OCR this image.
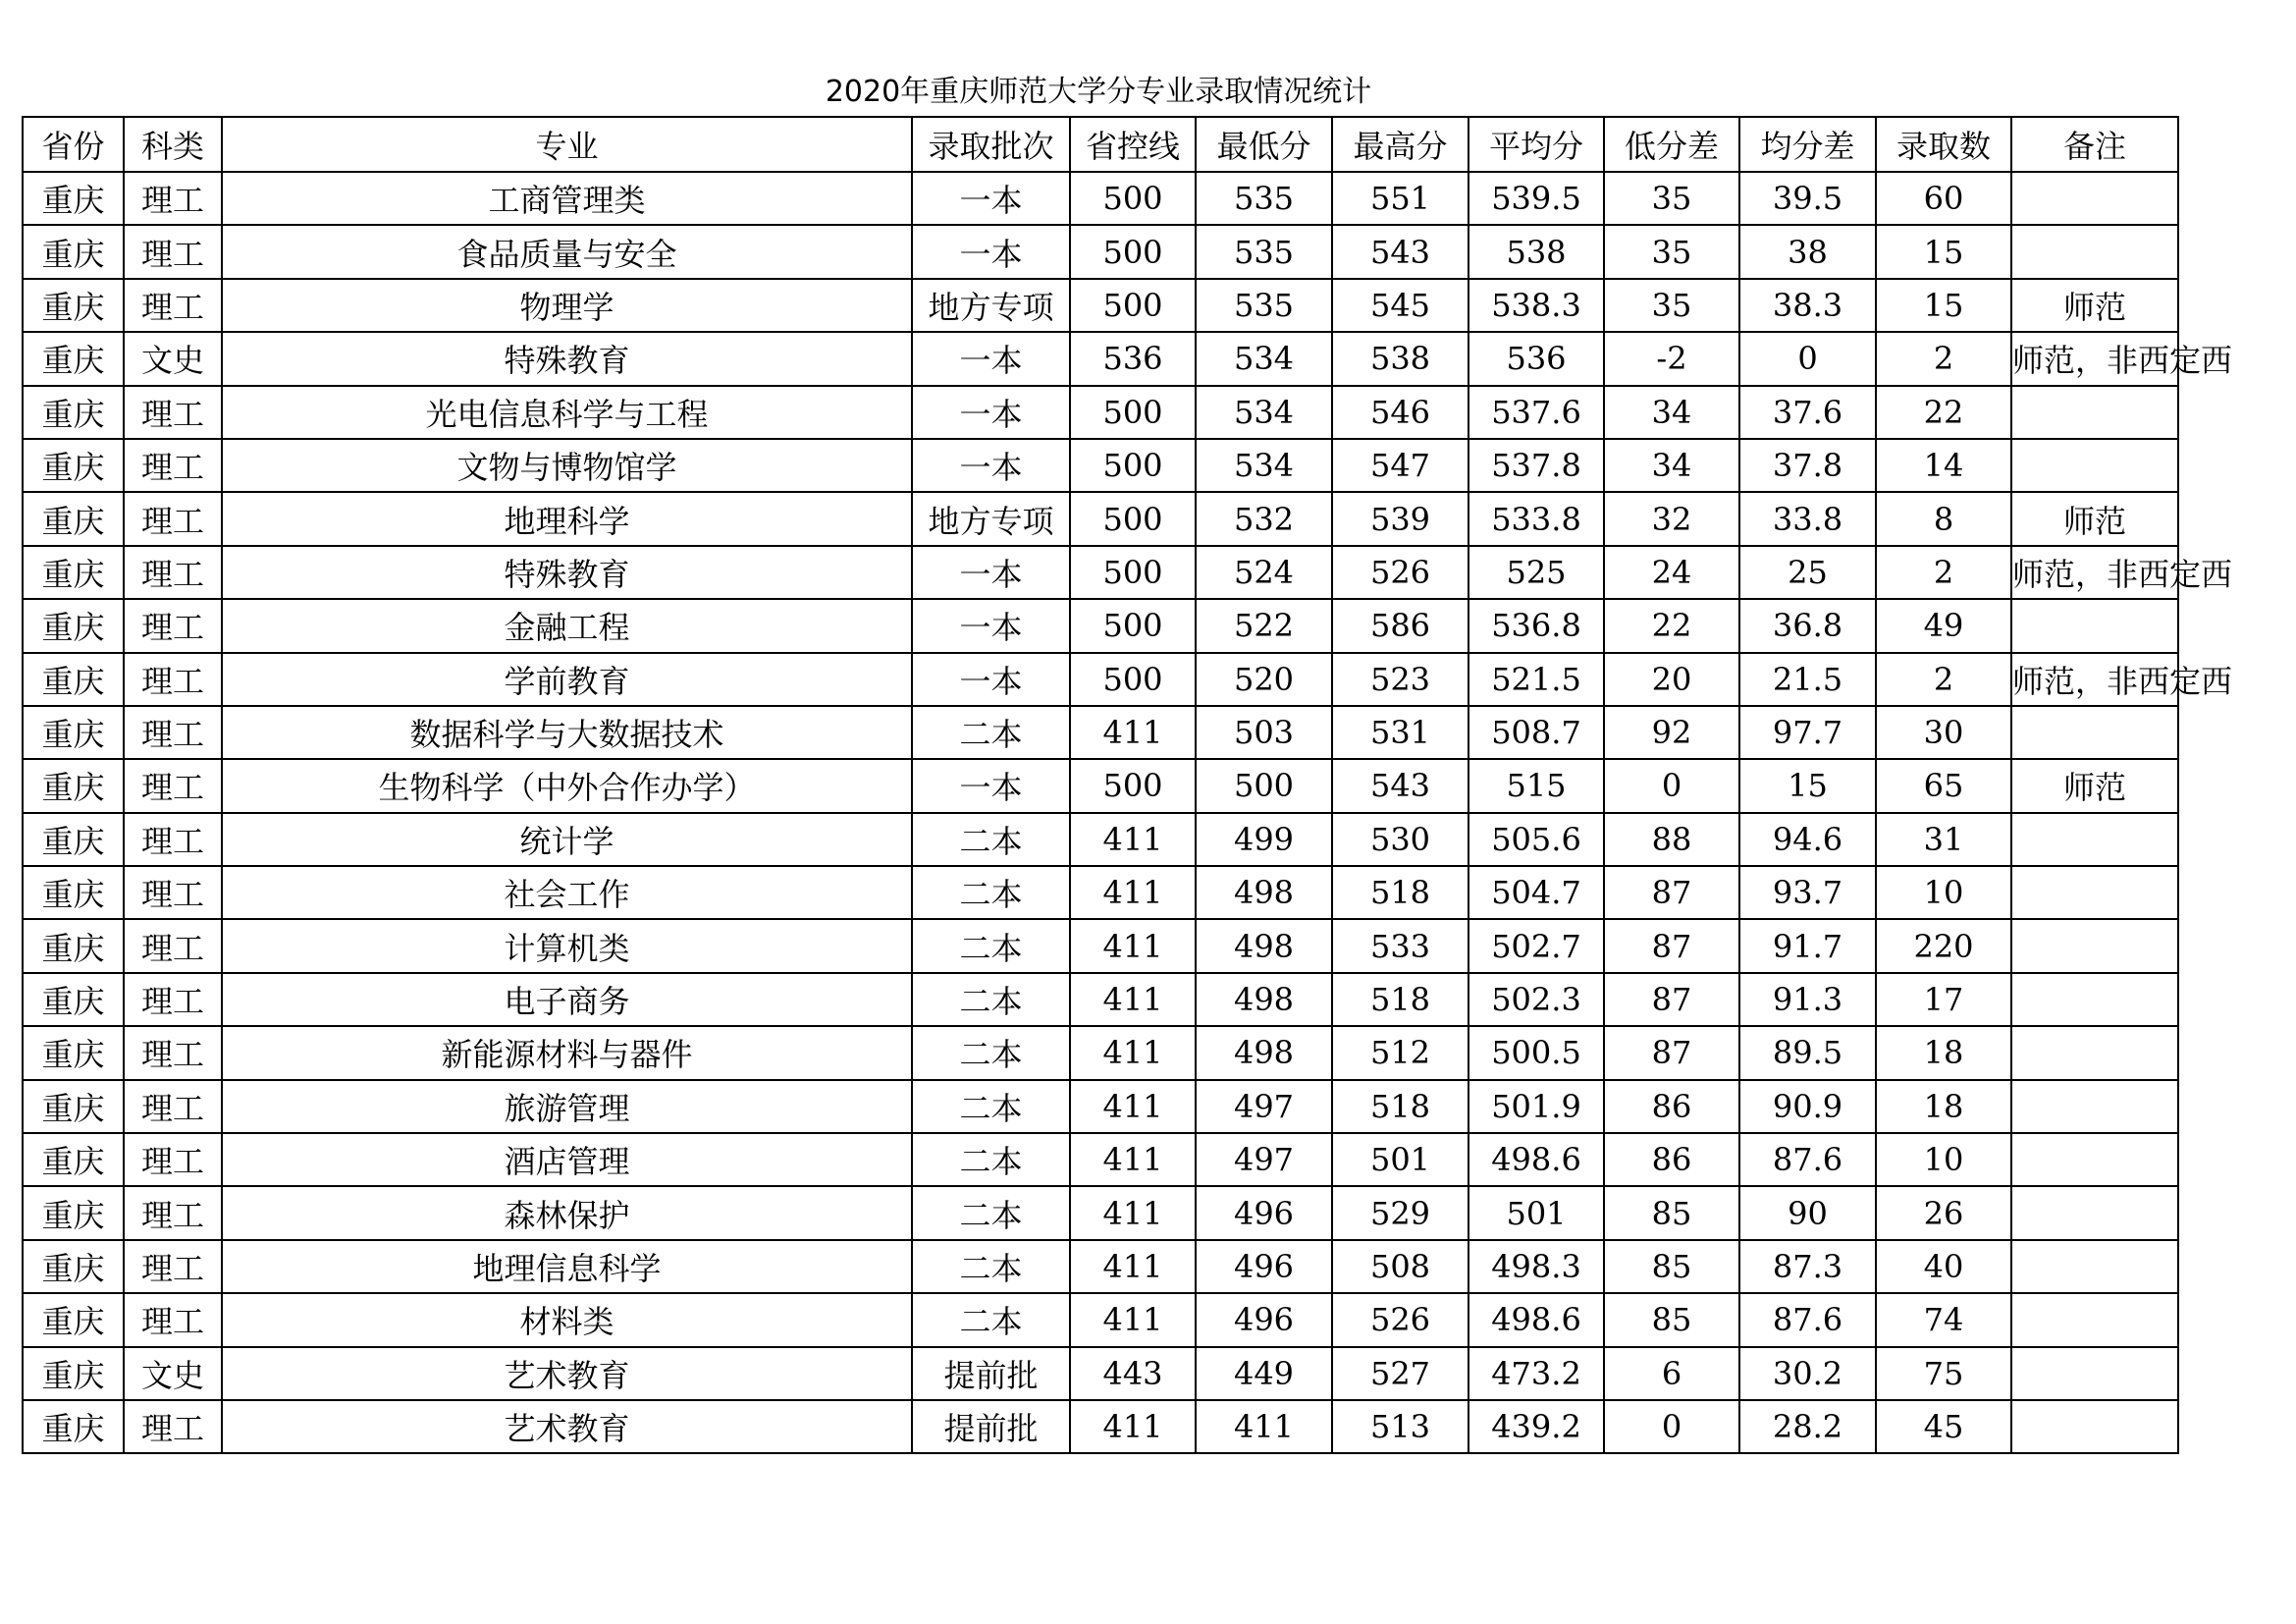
2020年重庆师范大学分专业录取情况统计
省份	科类	专业	录取批次	省控线	最低分	最高分	平均分	低分差	均分差	录取数	备注
重庆	理工	工商管理类	一本	500	535	551	539.5	35	39.5	60	
重庆	理工	食品质量与安全	一本	500	535	543	538	35	38	15	
重庆	理工	物理学	地方专项	500	535	545	538.3	35	38.3	15	师范
重庆	文史	特殊教育	一本	536	534	538	536	-2	0	2	师范，非西定西
重庆	理工	光电信息科学与工程	一本	500	534	546	537.6	34	37.6	22	
重庆	理工	文物与博物馆学	一本	500	534	547	537.8	34	37.8	14	
重庆	理工	地理科学	地方专项	500	532	539	533.8	32	33.8	8	师范
重庆	理工	特殊教育	一本	500	524	526	525	24	25	2	师范，非西定西
重庆	理工	金融工程	一本	500	522	586	536.8	22	36.8	49	
重庆	理工	学前教育	一本	500	520	523	521.5	20	21.5	2	师范，非西定西
重庆	理工	数据科学与大数据技术	二本	411	503	531	508.7	92	97.7	30	
重庆	理工	生物科学（中外合作办学）	一本	500	500	543	515	0	15	65	师范
重庆	理工	统计学	二本	411	499	530	505.6	88	94.6	31	
重庆	理工	社会工作	二本	411	498	518	504.7	87	93.7	10	
重庆	理工	计算机类	二本	411	498	533	502.7	87	91.7	220	
重庆	理工	电子商务	二本	411	498	518	502.3	87	91.3	17	
重庆	理工	新能源材料与器件	二本	411	498	512	500.5	87	89.5	18	
重庆	理工	旅游管理	二本	411	497	518	501.9	86	90.9	18	
重庆	理工	酒店管理	二本	411	497	501	498.6	86	87.6	10	
重庆	理工	森林保护	二本	411	496	529	501	85	90	26	
重庆	理工	地理信息科学	二本	411	496	508	498.3	85	87.3	40	
重庆	理工	材料类	二本	411	496	526	498.6	85	87.6	74	
重庆	文史	艺术教育	提前批	443	449	527	473.2	6	30.2	75	
重庆	理工	艺术教育	提前批	411	411	513	439.2	0	28.2	45	
